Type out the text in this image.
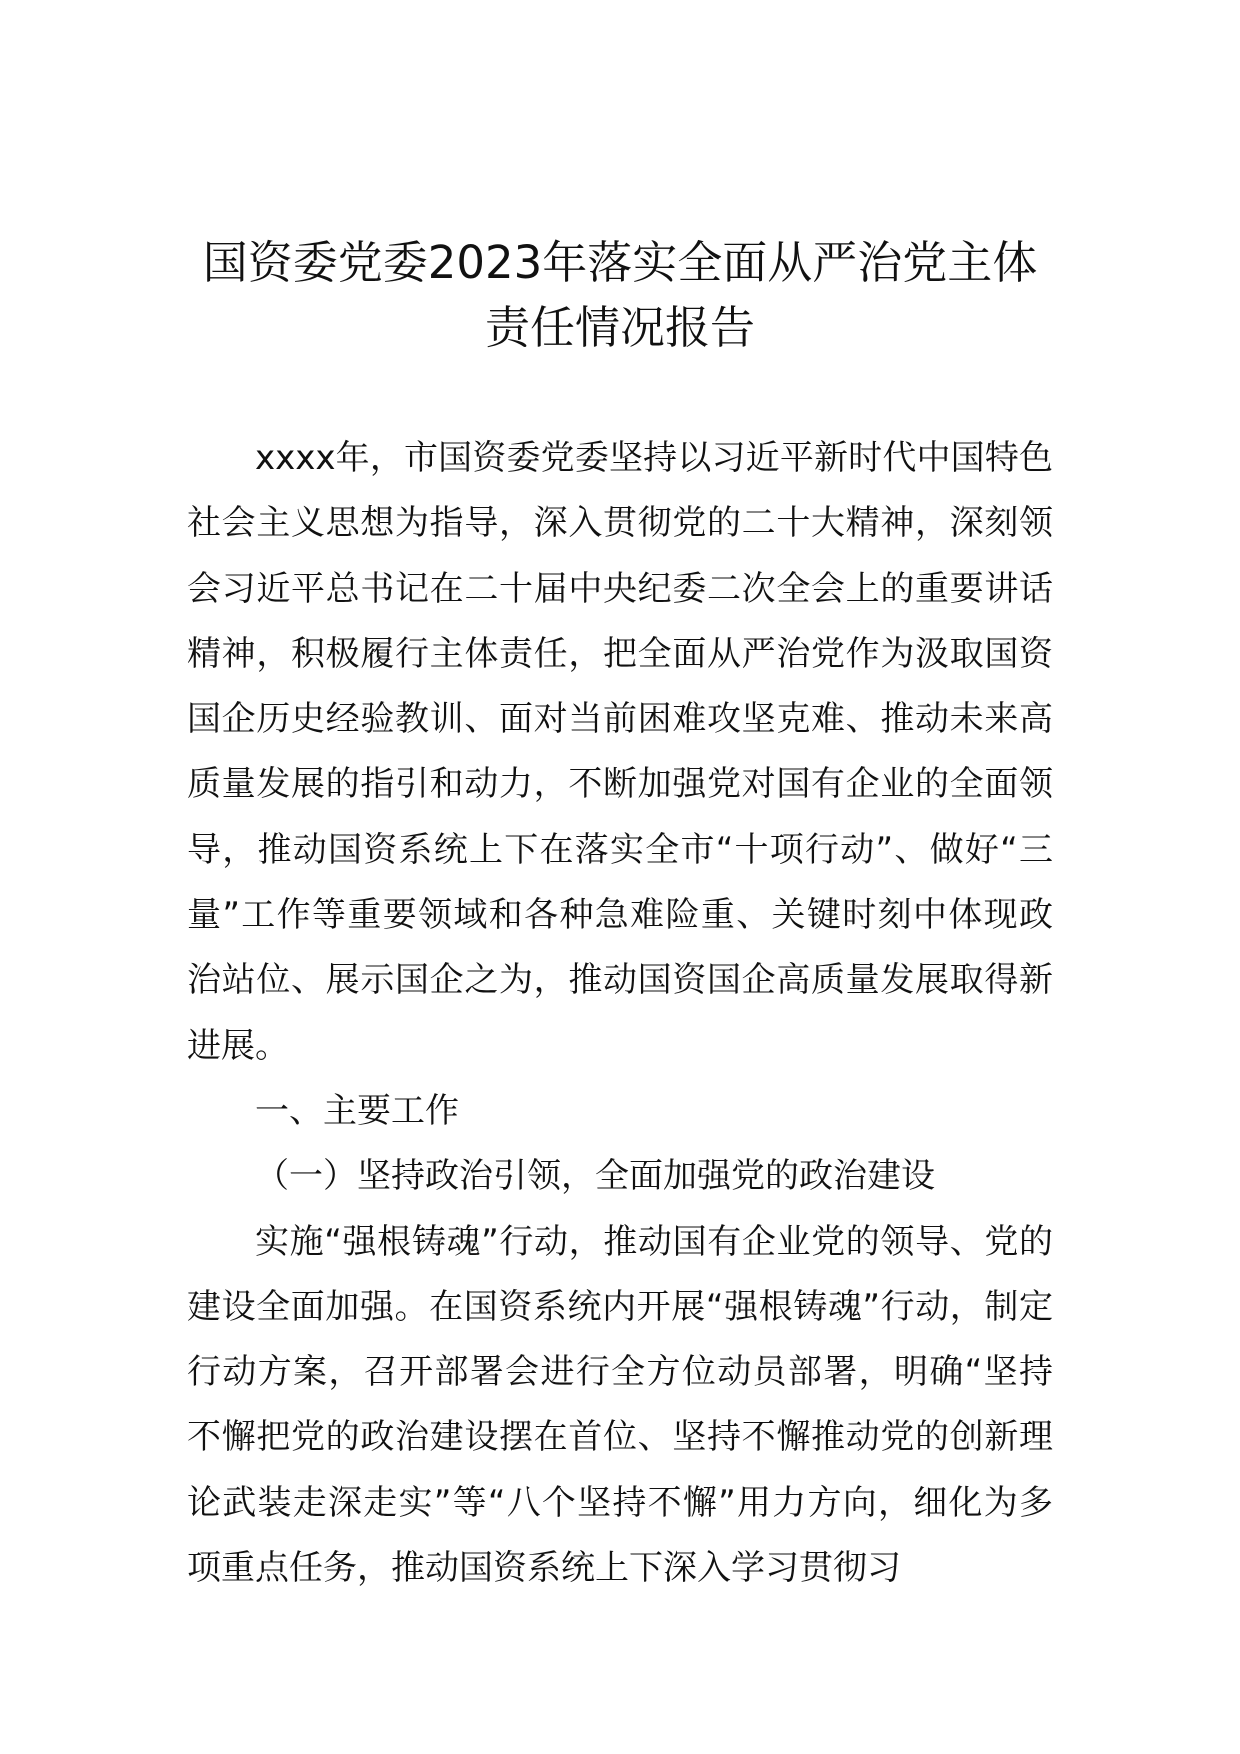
国资委党委2023年落实全面从严治党主体
责任情况报告

xxxx年，市国资委党委坚持以习近平新时代中国特色社会主义思想为指导，深入贯彻党的二十大精神，深刻领会习近平总书记在二十届中央纪委二次全会上的重要讲话精神，积极履行主体责任，把全面从严治党作为汲取国资国企历史经验教训、面对当前困难攻坚克难、推动未来高质量发展的指引和动力，不断加强党对国有企业的全面领导，推动国资系统上下在落实全市“十项行动”、做好“三量”工作等重要领域和各种急难险重、关键时刻中体现政治站位、展示国企之为，推动国资国企高质量发展取得新进展。

一、主要工作

（一）坚持政治引领，全面加强党的政治建设

实施“强根铸魂”行动，推动国有企业党的领导、党的建设全面加强。在国资系统内开展“强根铸魂”行动，制定行动方案，召开部署会进行全方位动员部署，明确“坚持不懈把党的政治建设摆在首位、坚持不懈推动党的创新理论武装走深走实”等“八个坚持不懈”用力方向，细化为多项重点任务，推动国资系统上下深入学习贯彻习
